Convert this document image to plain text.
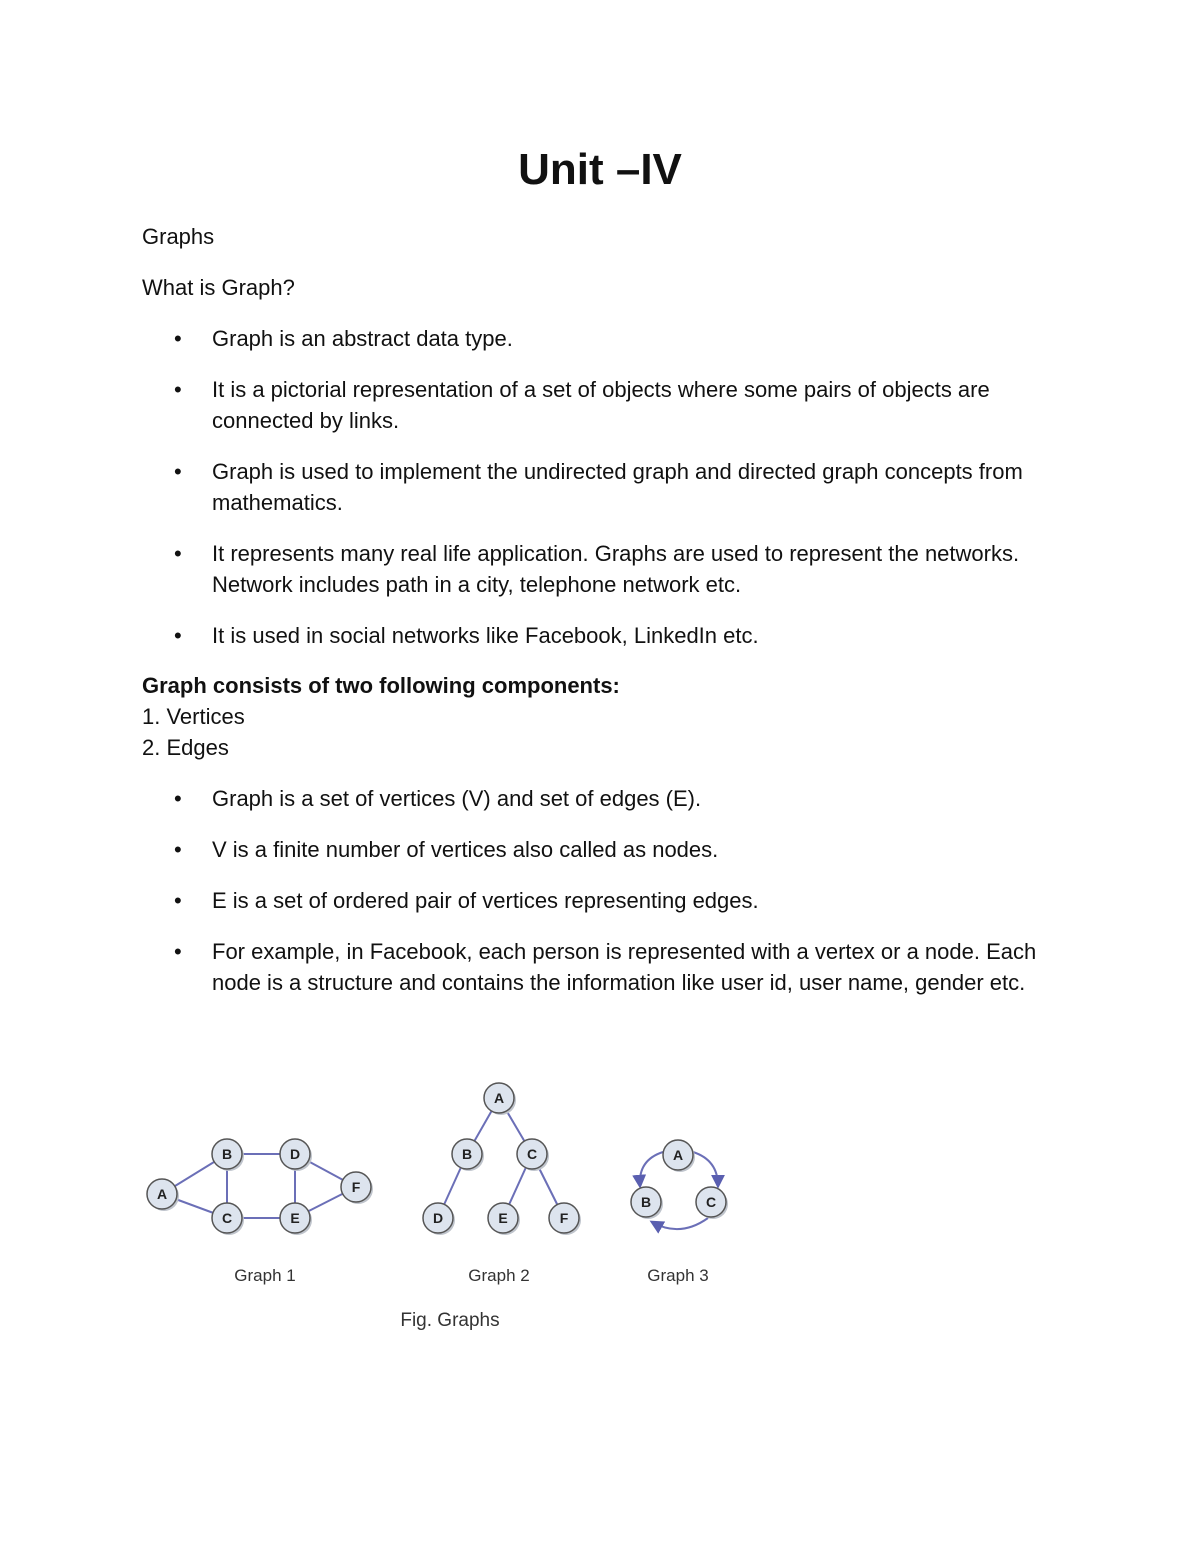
Unit –IV
Graphs
What is Graph?
• Graph is an abstract data type.
• It is a pictorial representation of a set of objects where some pairs of objects are connected by links.
• Graph is used to implement the undirected graph and directed graph concepts from mathematics.
• It represents many real life application. Graphs are used to represent the networks. Network includes path in a city, telephone network etc.
• It is used in social networks like Facebook, LinkedIn etc.
Graph consists of two following components:
1. Vertices
2. Edges
• Graph is a set of vertices (V) and set of edges (E).
• V is a finite number of vertices also called as nodes.
• E is a set of ordered pair of vertices representing edges.
• For example, in Facebook, each person is represented with a vertex or a node. Each node is a structure and contains the information like user id, user name, gender etc.
A
B
C
D
E
F
A
B	C
D	E	F
A
B	C
Graph 1	Graph 2	Graph 3
Fig. Graphs
